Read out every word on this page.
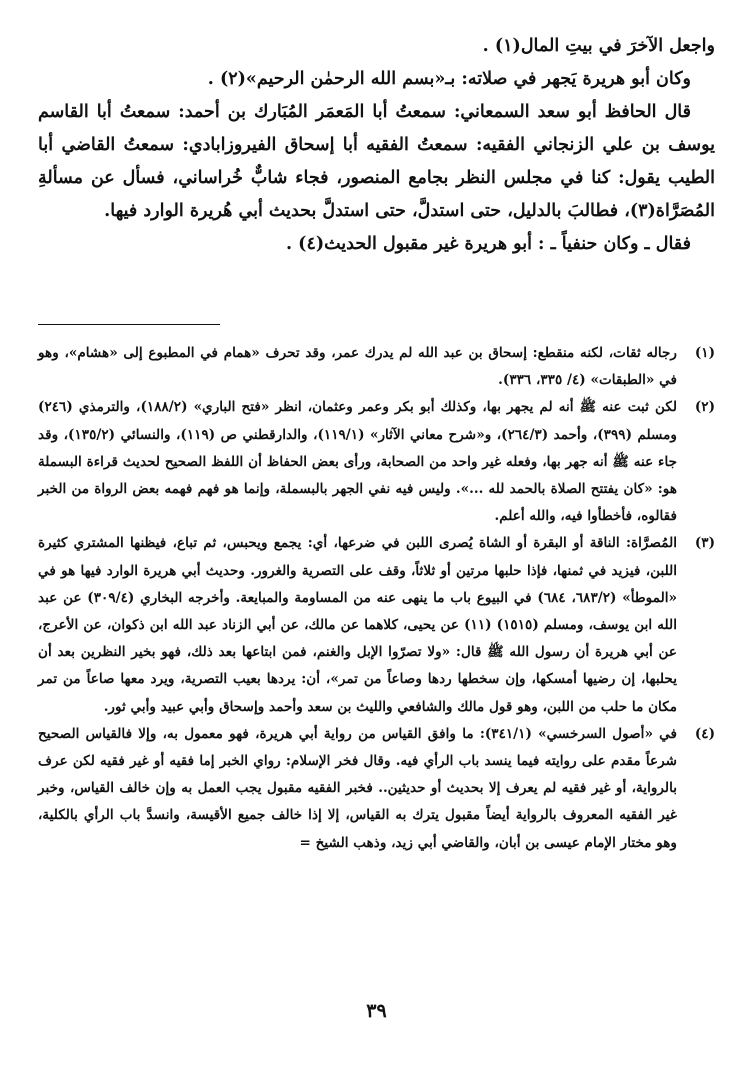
واجعل الآخرَ في بيتِ المال(١) .

وكان أبو هريرة يَجهر في صلاته: بـ«بسم الله الرحمٰن الرحيم»(٢) .

قال الحافظ أبو سعد السمعاني: سمعتُ أبا المَعمَر المُبَارك بن أحمد: سمعتُ أبا القاسم يوسف بن علي الزنجاني الفقيه: سمعتُ الفقيه أبا إسحاق الفيروزابادي: سمعتُ القاضي أبا الطيب يقول: كنا في مجلس النظر بجامع المنصور، فجاء شابٌّ خُراساني، فسأل عن مسألةِ المُصَرَّاة(٣)، فطالبَ بالدليل، حتى استدلَّ، حتى استدلَّ بحديث أبي هُريرة الوارد فيها.

فقال ـ وكان حنفياً ـ : أبو هريرة غير مقبول الحديث(٤) .

(١)
رجاله ثقات، لكنه منقطع: إسحاق بن عبد الله لم يدرك عمر، وقد تحرف «همام في المطبوع إلى «هشام»، وهو في «الطبقات» (٤/ ٣٣٥، ٣٣٦).
(٢)
لكن ثبت عنه ﷺ أنه لم يجهر بها، وكذلك أبو بكر وعمر وعثمان، انظر «فتح الباري» (١٨٨/٢)، والترمذي (٢٤٦) ومسلم (٣٩٩)، وأحمد (٢٦٤/٣)، و«شرح معاني الآثار» (١١٩/١)، والدارقطني ص (١١٩)، والنسائي (١٣٥/٢)، وقد جاء عنه ﷺ أنه جهر بها، وفعله غير واحد من الصحابة، ورأى بعض الحفاظ أن اللفظ الصحيح لحديث قراءة البسملة هو: «كان يفتتح الصلاة بالحمد لله ...». وليس فيه نفي الجهر بالبسملة، وإنما هو فهم فهمه بعض الرواة من الخبر فقالوه، فأخطأوا فيه، والله أعلم.
(٣)
المُصرَّاة: الناقة أو البقرة أو الشاة يُصرى اللبن في ضرعها، أي: يجمع ويحبس، ثم تباع، فيظنها المشتري كثيرة اللبن، فيزيد في ثمنها، فإذا حلبها مرتين أو ثلاثاً، وقف على التصرية والغرور. وحديث أبي هريرة الوارد فيها هو في «الموطأ» (٦٨٣/٢، ٦٨٤) في البيوع باب ما ينهى عنه من المساومة والمبايعة. وأخرجه البخاري (٣٠٩/٤) عن عبد الله ابن يوسف، ومسلم (١٥١٥) (١١) عن يحيى، كلاهما عن مالك، عن أبي الزناد عبد الله ابن ذكوان، عن الأعرج، عن أبي هريرة أن رسول الله ﷺ قال: «ولا تصرّوا الإبل والغنم، فمن ابتاعها بعد ذلك، فهو بخير النظرين بعد أن يحلبها، إن رضيها أمسكها، وإن سخطها ردها وصاعاً من تمر»، أن: يردها بعيب التصرية، ويرد معها صاعاً من تمر مكان ما حلب من اللبن، وهو قول مالك والشافعي والليث بن سعد وأحمد وإسحاق وأبي عبيد وأبي ثور.
(٤)
في «أصول السرخسي» (٣٤١/١): ما وافق القياس من رواية أبي هريرة، فهو معمول به، وإلا فالقياس الصحيح شرعاً مقدم على روايته فيما ينسد باب الرأي فيه. وقال فخر الإسلام: رواي الخبر إما فقيه أو غير فقيه لكن عرف بالرواية، أو غير فقيه لم يعرف إلا بحديث أو حديثين.. فخبر الفقيه مقبول يجب العمل به وإن خالف القياس، وخبر غير الفقيه المعروف بالرواية أيضاً مقبول يترك به القياس، إلا إذا خالف جميع الأقيسة، وانسدَّ باب الرأي بالكلية، وهو مختار الإمام عيسى بن أبان، والقاضي أبي زيد، وذهب الشيخ =
٣٩
